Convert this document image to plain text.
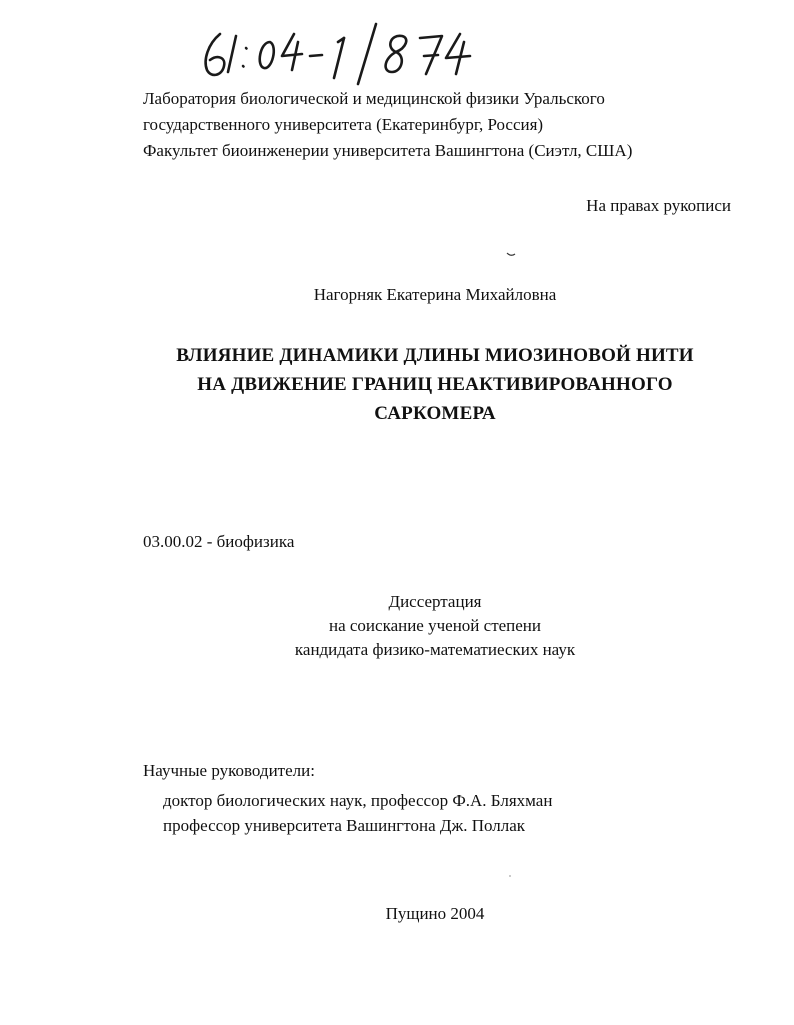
Лаборатория биологической и медицинской физики Уральского
государственного университета (Екатеринбург, Россия)
Факультет биоинженерии университета Вашингтона (Сиэтл, США)
На правах рукописи
Нагорняк Екатерина Михайловна
ВЛИЯНИЕ ДИНАМИКИ ДЛИНЫ МИОЗИНОВОЙ НИТИ
НА ДВИЖЕНИЕ ГРАНИЦ НЕАКТИВИРОВАННОГО
САРКОМЕРА
03.00.02 - биофизика
Диссертация
на соискание ученой степени
кандидата физико-математиеских наук
Научные руководители:
доктор биологических наук, профессор Ф.А. Бляхман
профессор университета Вашингтона Дж. Поллак
Пущино 2004
